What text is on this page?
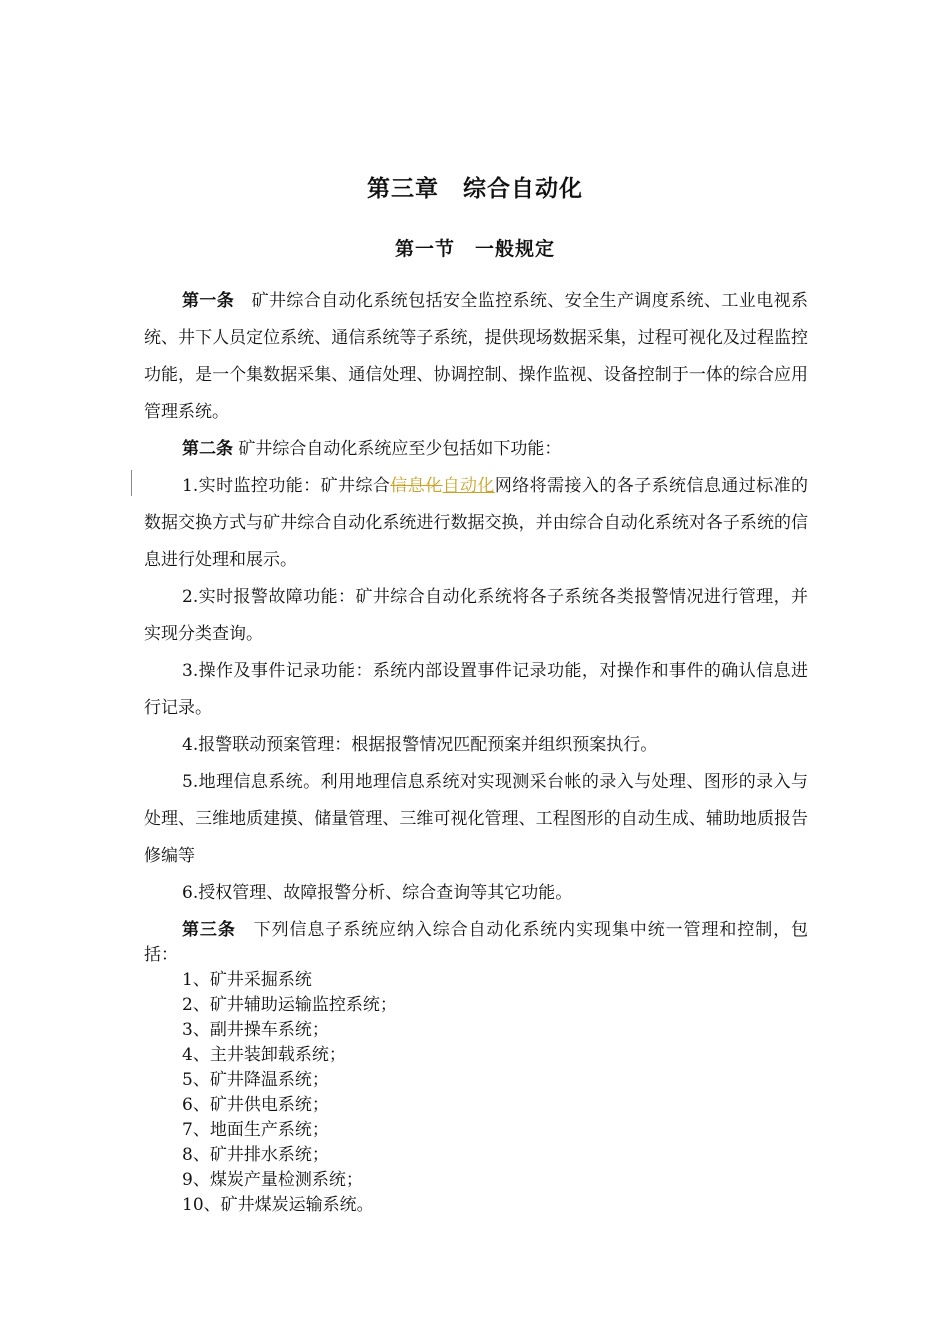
第三章　综合自动化
第一节　一般规定

第一条　矿井综合自动化系统包括安全监控系统、安全生产调度系统、工业电视系统、井下人员定位系统、通信系统等子系统，提供现场数据采集，过程可视化及过程监控功能，是一个集数据采集、通信处理、协调控制、操作监视、设备控制于一体的综合应用管理系统。

第二条 矿井综合自动化系统应至少包括如下功能：

1.实时监控功能：矿井综合信息化自动化网络将需接入的各子系统信息通过标准的数据交换方式与矿井综合自动化系统进行数据交换，并由综合自动化系统对各子系统的信息进行处理和展示。

2.实时报警故障功能：矿井综合自动化系统将各子系统各类报警情况进行管理，并实现分类查询。

3.操作及事件记录功能：系统内部设置事件记录功能，对操作和事件的确认信息进行记录。

4.报警联动预案管理：根据报警情况匹配预案并组织预案执行。

5.地理信息系统。利用地理信息系统对实现测采台帐的录入与处理、图形的录入与处理、三维地质建摸、储量管理、三维可视化管理、工程图形的自动生成、辅助地质报告修编等

6.授权管理、故障报警分析、综合查询等其它功能。

第三条　下列信息子系统应纳入综合自动化系统内实现集中统一管理和控制，包括：

1、矿井采掘系统
2、矿井辅助运输监控系统；
3、副井操车系统；
4、主井装卸载系统；
5、矿井降温系统；
6、矿井供电系统；
7、地面生产系统；
8、矿井排水系统；
9、煤炭产量检测系统；
10、矿井煤炭运输系统。
